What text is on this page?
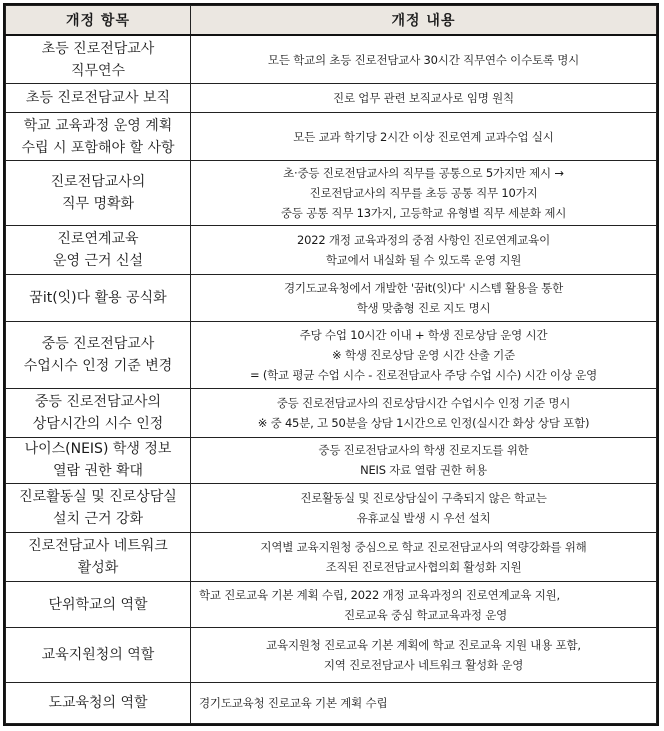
개정 항목	개정 내용

초등 진로전담교사
직무연수	모든 학교의 초등 진로전담교사 30시간 직무연수 이수토록 명시

초등 진로전담교사 보직	진로 업무 관련 보직교사로 임명 원칙

학교 교육과정 운영 계획
수립 시 포함해야 할 사항	모든 교과 학기당 2시간 이상 진로연계 교과수업 실시

진로전담교사의
직무 명확화	초·중등 진로전담교사의 직무를 공통으로 5가지만 제시 →
진로전담교사의 직무를 초등 공통 직무 10가지
중등 공통 직무 13가지, 고등학교 유형별 직무 세분화 제시

진로연계교육
운영 근거 신설	2022 개정 교육과정의 중점 사항인 진로연계교육이
학교에서 내실화 될 수 있도록 운영 지원

꿈it(잇)다 활용 공식화	경기도교육청에서 개발한 '꿈it(잇)다' 시스템 활용을 통한
학생 맞춤형 진로 지도 명시

중등 진로전담교사
수업시수 인정 기준 변경	주당 수업 10시간 이내 + 학생 진로상담 운영 시간
※ 학생 진로상담 운영 시간 산출 기준
= (학교 평균 수업 시수 - 진로전담교사 주당 수업 시수) 시간 이상 운영

중등 진로전담교사의
상담시간의 시수 인정	중등 진로전담교사의 진로상담시간 수업시수 인정 기준 명시
※ 중 45분, 고 50분을 상담 1시간으로 인정(실시간 화상 상담 포함)

나이스(NEIS) 학생 정보
열람 권한 확대	중등 진로전담교사의 학생 진로지도를 위한
NEIS 자료 열람 권한 허용

진로활동실 및 진로상담실
설치 근거 강화	진로활동실 및 진로상담실이 구축되지 않은 학교는
유휴교실 발생 시 우선 설치

진로전담교사 네트워크
활성화	지역별 교육지원청 중심으로 학교 진로전담교사의 역량강화를 위해
조직된 진로전담교사협의회 활성화 지원

단위학교의 역할	학교 진로교육 기본 계획 수립, 2022 개정 교육과정의 진로연계교육 지원,
진로교육 중심 학교교육과정 운영

교육지원청의 역할	교육지원청 진로교육 기본 계획에 학교 진로교육 지원 내용 포함,
지역 진로전담교사 네트워크 활성화 운영

도교육청의 역할	경기도교육청 진로교육 기본 계획 수립
